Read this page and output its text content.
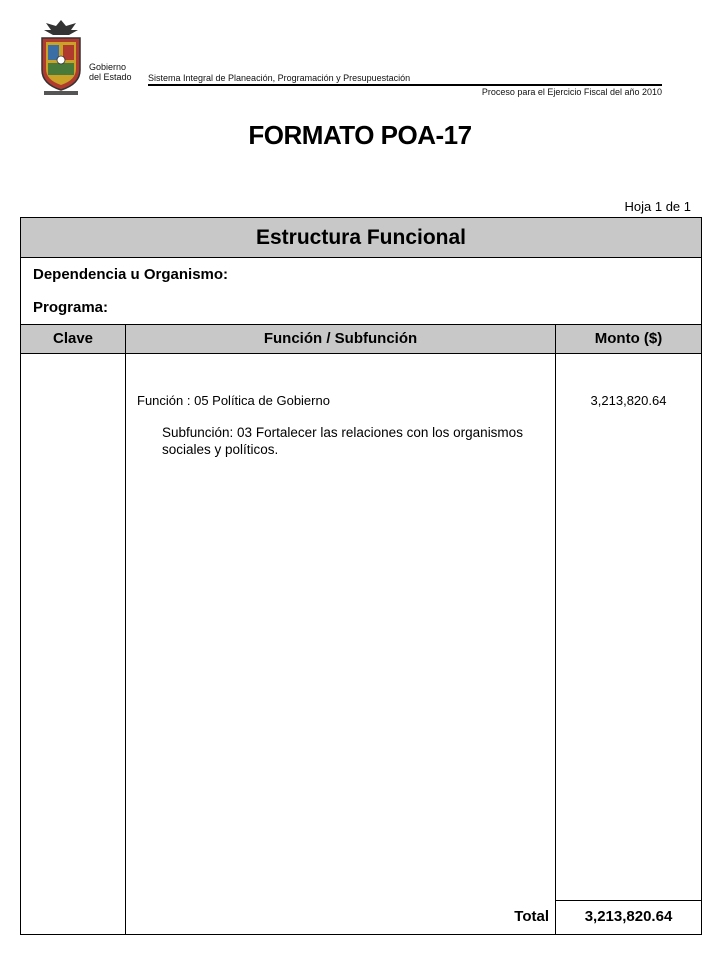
Gobierno
del Estado Sistema Integral de Planeación, Programación y Presupuestación
Proceso para el Ejercicio Fiscal del año 2010
FORMATO POA-17
Hoja 1 de 1
Estructura Funcional
Dependencia u Organismo:
Programa:
Clave	Función / Subfunción	Monto ($)
Función : 05 Política de Gobierno	3,213,820.64
Subfunción: 03 Fortalecer las relaciones con los organismos sociales y políticos.
Total	3,213,820.64
